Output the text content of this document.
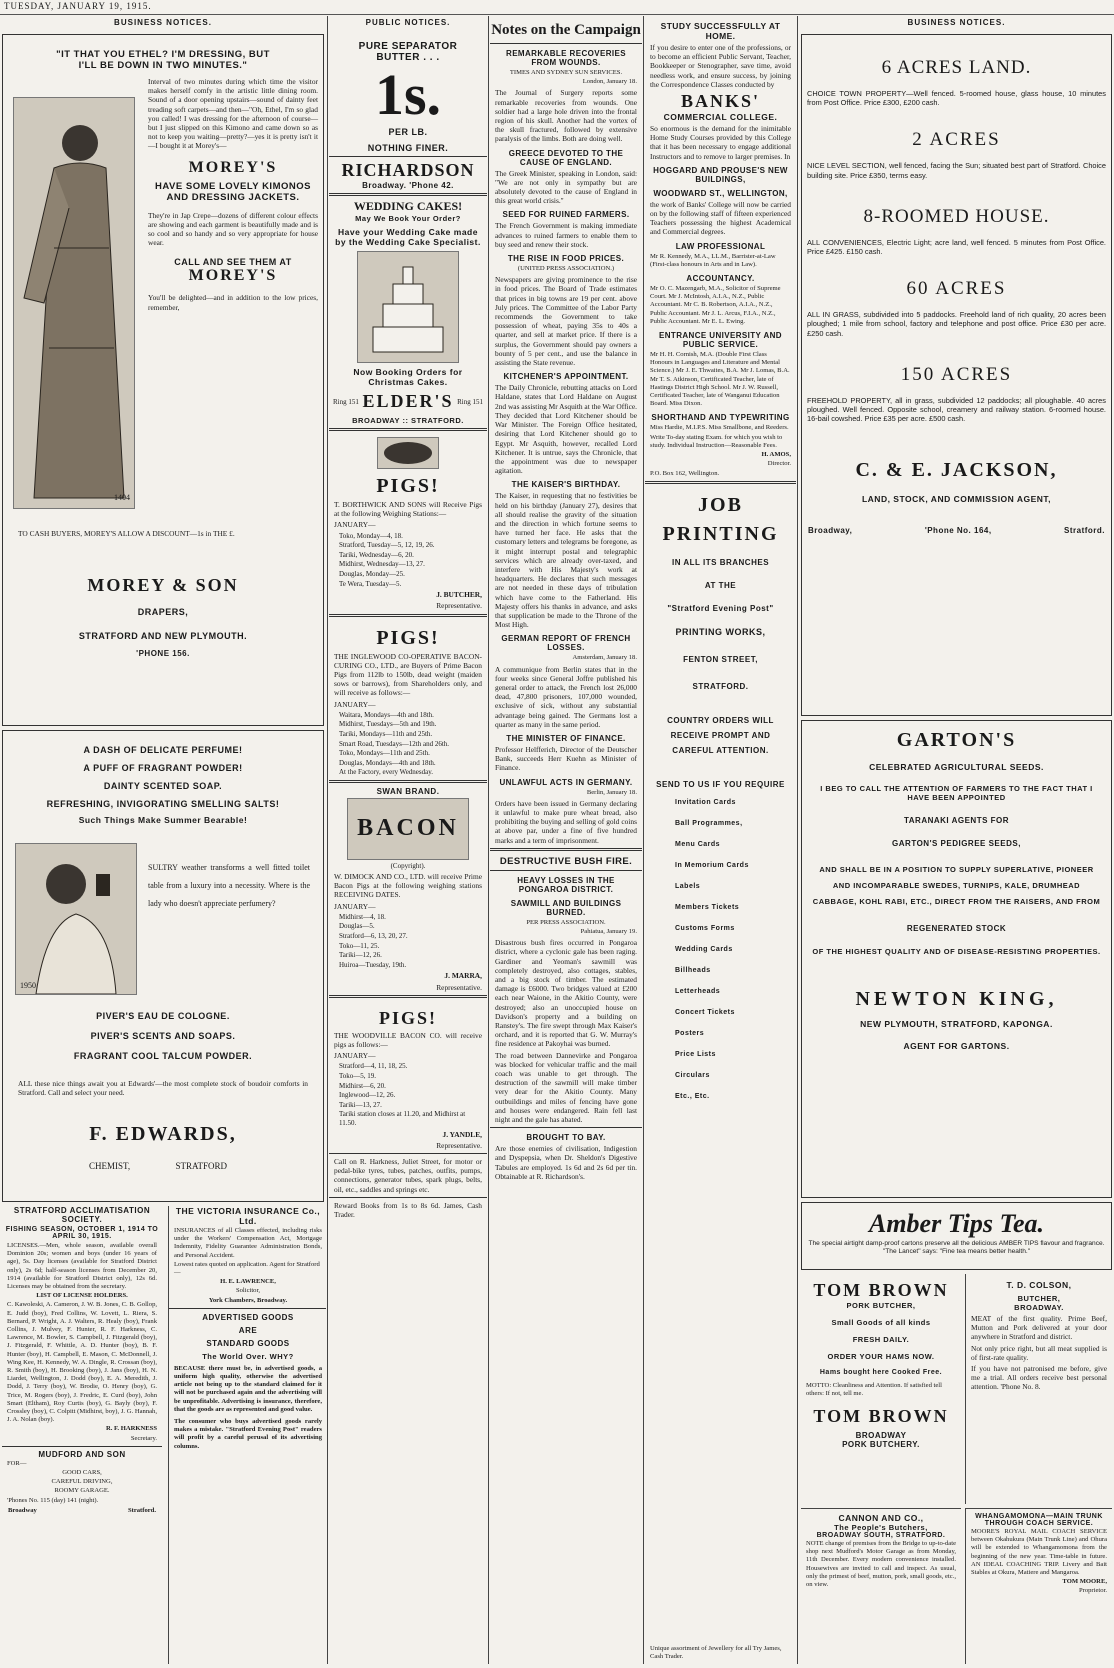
TUESDAY, JANUARY 19, 1915.
BUSINESS NOTICES.
"IT THAT YOU ETHEL? I'M DRESSING, BUT
I'LL BE DOWN IN TWO MINUTES."
1404
Interval of two minutes during which time the visitor makes herself comfy in the artistic little dining room. Sound of a door opening upstairs—sound of dainty feet treading soft carpets—and then—"Oh, Ethel, I'm so glad you called! I was dressing for the afternoon of course—but I just slipped on this Kimono and came down so as not to keep you waiting—pretty?—yes it is pretty isn't it—I bought it at Morey's—
MOREY'S
HAVE SOME LOVELY KIMONOS AND DRESSING JACKETS.
They're in Jap Crepe—dozens of different colour effects are showing and each garment is beautifully made and is so cool and so handy and so very appropriate for house wear.
CALL AND SEE THEM AT
MOREY'S
You'll be delighted—and in addition to the low prices, remember,
TO CASH BUYERS, MOREY'S ALLOW A DISCOUNT—1s in THE £.
MOREY & SON
DRAPERS,
STRATFORD AND NEW PLYMOUTH.
'PHONE 156.
A DASH OF DELICATE PERFUME!
A PUFF OF FRAGRANT POWDER!
DAINTY SCENTED SOAP.
REFRESHING, INVIGORATING SMELLING SALTS!
Such Things Make Summer Bearable!
1950
SULTRY weather transforms a well fitted toilet table from a luxury into a necessity. Where is the lady who doesn't appreciate perfumery?
PIVER'S EAU DE COLOGNE.
PIVER'S SCENTS AND SOAPS.
FRAGRANT COOL TALCUM POWDER.
ALL these nice things await you at Edwards'—the most complete stock of boudoir comforts in Stratford. Call and select your need.
F. EDWARDS,
CHEMIST,	STRATFORD
STRATFORD ACCLIMATISATION SOCIETY.
FISHING SEASON, OCTOBER 1, 1914 TO APRIL 30, 1915.
LICENSES.—Men, whole season, available overall Dominion 20s; women and boys (under 16 years of age), 5s. Day licenses (available for Stratford District only), 2s 6d; half-season licenses from December 20, 1914 (available for Stratford District only), 12s 6d. Licenses may be obtained from the secretary.
LIST OF LICENSE HOLDERS.
C. Kawoleski, A. Cameron, J. W. B. Jones, C. B. Gollop, E. Judd (boy), Fred Collins, W. Lovett, L. Riera, S. Bernard, P. Wright, A. J. Walters, R. Healy (boy), Frank Collins, J. Mulvey, F. Hunter, R. F. Harkness, C. Lawrence, M. Bowler, S. Campbell, J. Fitzgerald (boy), J. Fitzgerald, F. Whittle, A. D. Hunter (boy), B. F. Hunter (boy), H. Campbell, E. Mason, C. McDonnell, J. Wing Kee, H. Kennedy, W. A. Dingle, R. Crossan (boy), R. Smith (boy), H. Brooking (boy), J. Jans (boy), H. N. Liardet, Wellington, J. Dodd (boy), E. A. Meredith, J. Dodd, J. Terry (boy), W. Brodie, O. Henry (boy), G. Trice, M. Rogers (boy), J. Fredric, E. Curd (boy), John Smart (Eltham), Roy Curtis (boy), G. Bayly (boy), F. Crossley (boy), C. Colpitt (Midhirst, boy), J. G. Hannah, J. A. Nolan (boy).
R. F. HARKNESS
Secretary.
MUDFORD AND SON
FOR—
GOOD CARS,
CAREFUL DRIVING,
ROOMY GARAGE.
'Phones No. 115 (day) 141 (night).
Broadway	Stratford.
THE VICTORIA INSURANCE Co., Ltd.
INSURANCES of all Classes effected, including risks under the Workers' Compensation Act, Mortgage Indemnity, Fidelity Guarantee Administration Bonds, and Personal Accident.
Lowest rates quoted on application. Agent for Stratford—
H. E. LAWRENCE,
Solicitor,
York Chambers, Broadway.
ADVERTISED GOODS
ARE
STANDARD GOODS
The World Over. WHY?
BECAUSE there must be, in advertised goods, a uniform high quality, otherwise the advertised article not being up to the standard claimed for it will not be purchased again and the advertising will be unprofitable. Advertising is insurance, therefore, that the goods are as represented and good value.
The consumer who buys advertised goods rarely makes a mistake. "Stratford Evening Post" readers will profit by a careful perusal of its advertising columns.
PUBLIC NOTICES.
PURE SEPARATOR
BUTTER . . .
1s.
PER LB.
NOTHING FINER.
RICHARDSON
Broadway. 'Phone 42.
WEDDING CAKES!
May We Book Your Order?
Have your Wedding Cake made by the Wedding Cake Specialist.
Now Booking Orders for Christmas Cakes.
Ring 151 ELDER'S Ring 151
BROADWAY :: STRATFORD.
PIGS!
T. BORTHWICK AND SONS will Receive Pigs at the following Weighing Stations:—
JANUARY—
Toko, Monday—4, 18.
Stratford, Tuesday—5, 12, 19, 26.
Tariki, Wednesday—6, 20.
Midhirst, Wednesday—13, 27.
Douglas, Monday—25.
Te Wera, Tuesday—5.
J. BUTCHER,
Representative.
PIGS!
THE INGLEWOOD CO-OPERATIVE BACON-CURING CO., LTD., are Buyers of Prime Bacon Pigs from 112lb to 150lb, dead weight (maiden sows or barrows), from Shareholders only, and will receive as follows:—
JANUARY—
Waitara, Mondays—4th and 18th.
Midhirst, Tuesdays—5th and 19th.
Tariki, Mondays—11th and 25th.
Smart Road, Tuesdays—12th and 26th.
Toko, Mondays—11th and 25th.
Douglas, Mondays—4th and 18th.
At the Factory, every Wednesday.
SWAN BRAND.
BACON
(Copyright).
W. DIMOCK AND CO., LTD. will receive Prime Bacon Pigs at the following weighing stations RECEIVING DATES.
JANUARY—
Midhirst—4, 18.
Douglas—5.
Stratford—6, 13, 20, 27.
Toko—11, 25.
Tariki—12, 26.
Huiroa—Tuesday, 19th.
J. MARRA,
Representative.
PIGS!
THE WOODVILLE BACON CO. will receive pigs as follows:—
JANUARY—
Stratford—4, 11, 18, 25.
Toko—5, 19.
Midhirst—6, 20.
Inglewood—12, 26.
Tariki—13, 27.
Tariki station closes at 11.20, and Midhirst at 11.50.
J. YANDLE,
Representative.
Call on R. Harkness, Juliet Street, for motor or pedal-bike tyres, tubes, patches, outfits, pumps, connections, generator tubes, spark plugs, belts, oil, etc., saddles and springs etc.
Reward Books from 1s to 8s 6d. James, Cash Trader.
Notes on the Campaign
REMARKABLE RECOVERIES FROM WOUNDS.
TIMES AND SYDNEY SUN SERVICES.
London, January 18.
The Journal of Surgery reports some remarkable recoveries from wounds. One soldier had a large hole driven into the frontal region of his skull. Another had the vortex of the skull fractured, followed by extensive paralysis of the limbs. Both are doing well.
GREECE DEVOTED TO THE CAUSE OF ENGLAND.
The Greek Minister, speaking in London, said: "We are not only in sympathy but are absolutely devoted to the cause of England in this great world crisis."
SEED FOR RUINED FARMERS.
The French Government is making immediate advances to ruined farmers to enable them to buy seed and renew their stock.
THE RISE IN FOOD PRICES.
(UNITED PRESS ASSOCIATION.)
Newspapers are giving prominence to the rise in food prices. The Board of Trade estimates that prices in big towns are 19 per cent. above July prices. The Committee of the Labor Party recommends the Government to take possession of wheat, paying 35s to 40s a quarter, and sell at market price. If there is a surplus, the Government should pay owners a bounty of 5 per cent., and use the balance in assisting the State revenue.
KITCHENER'S APPOINTMENT.
The Daily Chronicle, rebutting attacks on Lord Haldane, states that Lord Haldane on August 2nd was assisting Mr Asquith at the War Office. They decided that Lord Kitchener should be War Minister. The Foreign Office hesitated, desiring that Lord Kitchener should go to Egypt. Mr Asquith, however, recalled Lord Kitchener. It is untrue, says the Chronicle, that the appointment was due to newspaper agitation.
THE KAISER'S BIRTHDAY.
The Kaiser, in requesting that no festivities be held on his birthday (January 27), desires that all should realise the gravity of the situation and the direction in which fortune seems to have turned her face. He asks that the customary letters and telegrams be foregone, as it might interrupt postal and telegraphic services which are already over-taxed, and interfere with His Majesty's work at headquarters. He declares that such messages are not needed in these days of tribulation which have come to the Fatherland. His Majesty offers his thanks in advance, and asks that supplication be made to the Throne of the Most High.
GERMAN REPORT OF FRENCH LOSSES.
Amsterdam, January 18.
A communique from Berlin states that in the four weeks since General Joffre published his general order to attack, the French lost 26,000 dead, 47,800 prisoners, 107,000 wounded, exclusive of sick, without any substantial advantage being gained. The Germans lost a quarter as many in the same period.
THE MINISTER OF FINANCE.
Professor Helfferich, Director of the Deutscher Bank, succeeds Herr Kuehn as Minister of Finance.
UNLAWFUL ACTS IN GERMANY.
Berlin, January 18.
Orders have been issued in Germany declaring it unlawful to make pure wheat bread, also prohibiting the buying and selling of gold coins at above par, under a fine of five hundred marks and a term of imprisonment.
DESTRUCTIVE BUSH FIRE.
HEAVY LOSSES IN THE PONGAROA DISTRICT.
SAWMILL AND BUILDINGS BURNED.
PER PRESS ASSOCIATION.
Pahiatua, January 19.
Disastrous bush fires occurred in Pongaroa district, where a cyclonic gale has been raging. Gardiner and Yeoman's sawmill was completely destroyed, also cottages, stables, and a big stock of timber. The estimated damage is £6000. Two bridges valued at £200 each near Waione, in the Akitio County, were destroyed; also an unoccupied house on Davidson's property and a building on Ranstey's. The fire swept through Max Kaiser's orchard, and it is reported that G. W. Murray's fine residence at Pakoyhai was burned.
The road between Dannevirke and Pongaroa was blocked for vehicular traffic and the mail coach was unable to get through. The destruction of the sawmill will make timber very dear for the Akitio County. Many outbuildings and miles of fencing have gone and houses were endangered. Rain fell last night and the gale has abated.
BROUGHT TO BAY.
Are those enemies of civilisation, Indigestion and Dyspepsia, when Dr. Sheldon's Digestive Tabules are employed. 1s 6d and 2s 6d per tin. Obtainable at R. Richardson's.
STUDY SUCCESSFULLY AT HOME.
If you desire to enter one of the professions, or to become an efficient Public Servant, Teacher, Bookkeeper or Stenographer, save time, avoid needless work, and ensure success, by joining the Correspondence Classes conducted by
BANKS'
COMMERCIAL COLLEGE.
So enormous is the demand for the inimitable Home Study Courses provided by this College that it has been necessary to engage additional Instructors and to remove to larger premises. In
HOGGARD AND PROUSE'S NEW BUILDINGS,
WOODWARD ST., WELLINGTON,
the work of Banks' College will now be carried on by the following staff of fifteen experienced Teachers possessing the highest Academical and Commercial degrees.
LAW PROFESSIONAL
Mr R. Kennedy, M.A., LL.M., Barrister-at-Law (First-class honours in Arts and in Law).
ACCOUNTANCY.
Mr O. C. Mazengarb, M.A., Solicitor of Supreme Court. Mr J. McIntosh, A.I.A., N.Z., Public Accountant. Mr C. B. Robertson, A.I.A., N.Z., Public Accountant. Mr J. L. Arcus, F.I.A., N.Z., Public Accountant. Mr E. L. Ewing.
ENTRANCE UNIVERSITY AND PUBLIC SERVICE.
Mr H. H. Cornish, M.A. (Double First Class Honours in Languages and Literature and Mental Science.) Mr J. E. Thwaites, B.A. Mr J. Lomas, B.A. Mr T. S. Atkinson, Certificated Teacher, late of Hastings District High School. Mr J. W. Russell, Certificated Teacher, late of Wanganui Education Board. Miss Dixon.
SHORTHAND AND TYPEWRITING
Miss Hardie, M.I.P.S. Miss Smallbone, and Reeders.
Write To-day stating Exam. for which you wish to study. Individual Instruction—Reasonable Fees.
H. AMOS,
Director.
P.O. Box 162, Wellington.
JOB
PRINTING
IN ALL ITS BRANCHES
AT THE
"Stratford Evening Post"
PRINTING WORKS,
FENTON STREET,
STRATFORD.
COUNTRY ORDERS WILL RECEIVE PROMPT AND CAREFUL ATTENTION.
SEND TO US IF YOU REQUIRE
Invitation Cards
Ball Programmes,
Menu Cards
In Memorium Cards
Labels
Members Tickets
Customs Forms
Wedding Cards
Billheads
Letterheads
Concert Tickets
Posters
Price Lists
Circulars
Etc., Etc.
Unique assortment of Jewellery for all Try James, Cash Trader.
BUSINESS NOTICES.
6 ACRES LAND.
CHOICE TOWN PROPERTY—Well fenced. 5-roomed house, glass house, 10 minutes from Post Office. Price £300, £200 cash.
2 ACRES
NICE LEVEL SECTION, well fenced, facing the Sun; situated best part of Stratford. Choice building site. Price £350, terms easy.
8-ROOMED HOUSE.
ALL CONVENIENCES, Electric Light; acre land, well fenced. 5 minutes from Post Office. Price £425. £150 cash.
60 ACRES
ALL IN GRASS, subdivided into 5 paddocks. Freehold land of rich quality, 20 acres been ploughed; 1 mile from school, factory and telephone and post office. Price £30 per acre. £250 cash.
150 ACRES
FREEHOLD PROPERTY, all in grass, subdivided 12 paddocks; all ploughable. 40 acres ploughed. Well fenced. Opposite school, creamery and railway station. 6-roomed house. 16-bail cowshed. Price £35 per acre. £500 cash.
C. & E. JACKSON,
LAND, STOCK, AND COMMISSION AGENT,
Broadway,	'Phone No. 164,	Stratford.
GARTON'S
CELEBRATED AGRICULTURAL SEEDS.
I BEG TO CALL THE ATTENTION OF FARMERS TO THE FACT THAT I HAVE BEEN APPOINTED
TARANAKI AGENTS FOR
GARTON'S PEDIGREE SEEDS,
AND SHALL BE IN A POSITION TO SUPPLY SUPERLATIVE, PIONEER AND INCOMPARABLE SWEDES, TURNIPS, KALE, DRUMHEAD CABBAGE, KOHL RABI, ETC., DIRECT FROM THE RAISERS, AND FROM
REGENERATED STOCK
OF THE HIGHEST QUALITY AND OF DISEASE-RESISTING PROPERTIES.
NEWTON KING,
NEW PLYMOUTH, STRATFORD, KAPONGA.
AGENT FOR GARTONS.
Amber Tips Tea.
The special airtight damp-proof cartons preserve all the delicious AMBER TIPS flavour and fragrance. "The Lancet" says: "Fine tea means better health."
TOM BROWN
PORK BUTCHER,
Small Goods of all kinds
FRESH DAILY.
ORDER YOUR HAMS NOW.
Hams bought here Cooked Free.
MOTTO: Cleanliness and Attention. If satisfied tell others: If not, tell me.
TOM BROWN
BROADWAY
PORK BUTCHERY.
T. D. COLSON,
BUTCHER,
BROADWAY.
MEAT of the first quality. Prime Beef, Mutton and Pork delivered at your door anywhere in Stratford and district.
Not only price right, but all meat supplied is of first-rate quality.
If you have not patronised me before, give me a trial. All orders receive best personal attention. 'Phone No. 8.
CANNON AND CO.,
The People's Butchers,
BROADWAY SOUTH, STRATFORD.
NOTE change of premises from the Bridge to up-to-date shop next Mudford's Motor Garage as from Monday, 11th December. Every modern convenience installed. Housewives are invited to call and inspect. As usual, only the primest of beef, mutton, pork, small goods, etc., on view.
WHANGAMOMONA—MAIN TRUNK THROUGH COACH SERVICE.
MOORE'S ROYAL MAIL COACH SERVICE between Okahukura (Main Trunk Line) and Ohura will be extended to Whangamomona from the beginning of the new year. Time-table in future. AN IDEAL COACHING TRIP. Livery and Bait Stables at Okura, Matiere and Mangaroa.
TOM MOORE,
Proprietor.
